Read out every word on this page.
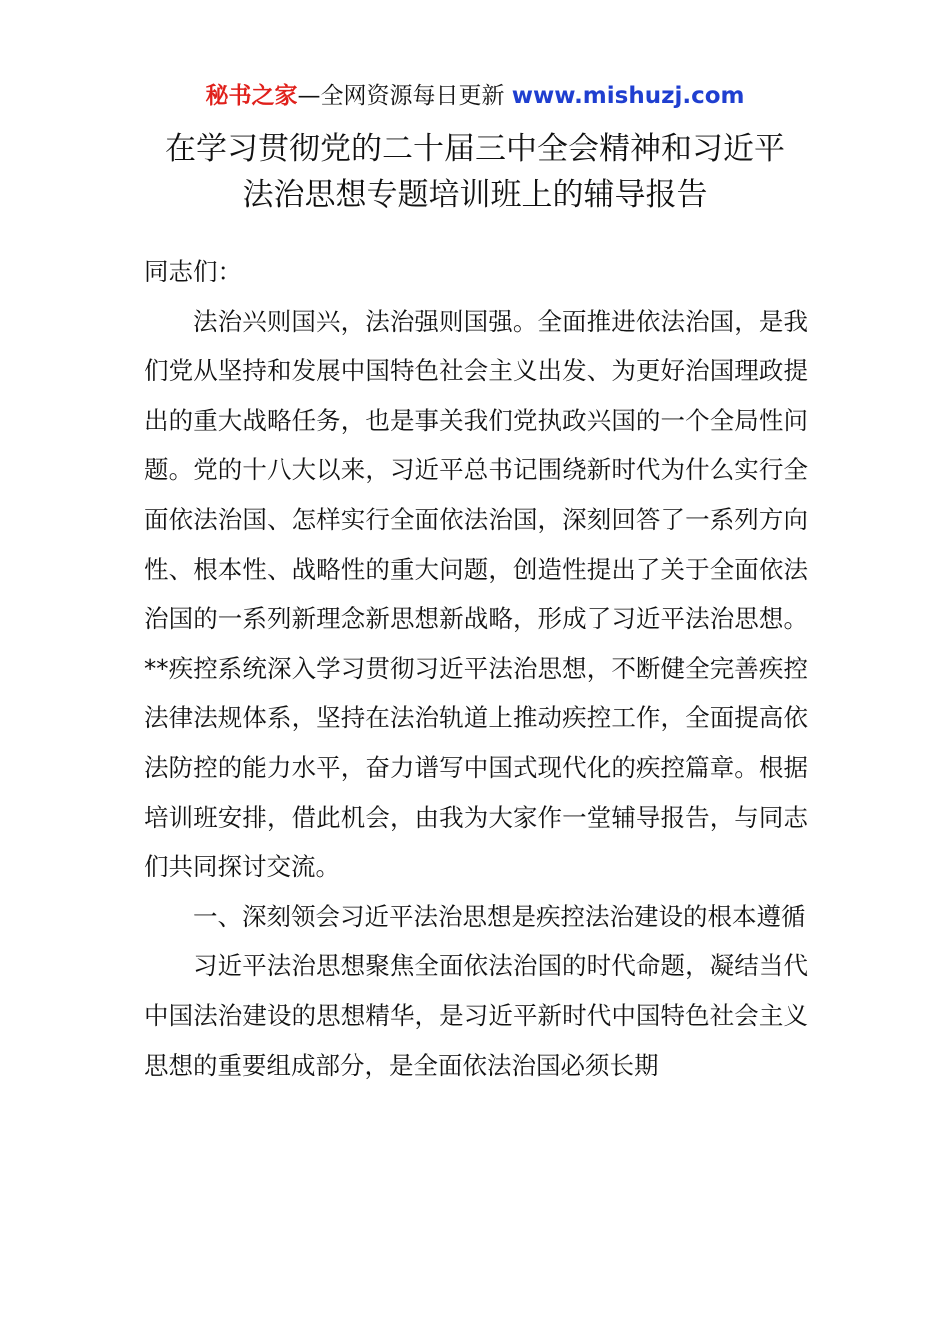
秘书之家—全网资源每日更新 www.mishuzj.com
在学习贯彻党的二十届三中全会精神和习近平
法治思想专题培训班上的辅导报告

同志们：

法治兴则国兴，法治强则国强。全面推进依法治国，是我们党从坚持和发展中国特色社会主义出发、为更好治国理政提出的重大战略任务，也是事关我们党执政兴国的一个全局性问题。党的十八大以来，习近平总书记围绕新时代为什么实行全面依法治国、怎样实行全面依法治国，深刻回答了一系列方向性、根本性、战略性的重大问题，创造性提出了关于全面依法治国的一系列新理念新思想新战略，形成了习近平法治思想。**疾控系统深入学习贯彻习近平法治思想，不断健全完善疾控法律法规体系，坚持在法治轨道上推动疾控工作，全面提高依法防控的能力水平，奋力谱写中国式现代化的疾控篇章。根据培训班安排，借此机会，由我为大家作一堂辅导报告，与同志们共同探讨交流。

一、深刻领会习近平法治思想是疾控法治建设的根本遵循

习近平法治思想聚焦全面依法治国的时代命题，凝结当代中国法治建设的思想精华，是习近平新时代中国特色社会主义思想的重要组成部分，是全面依法治国必须长期
